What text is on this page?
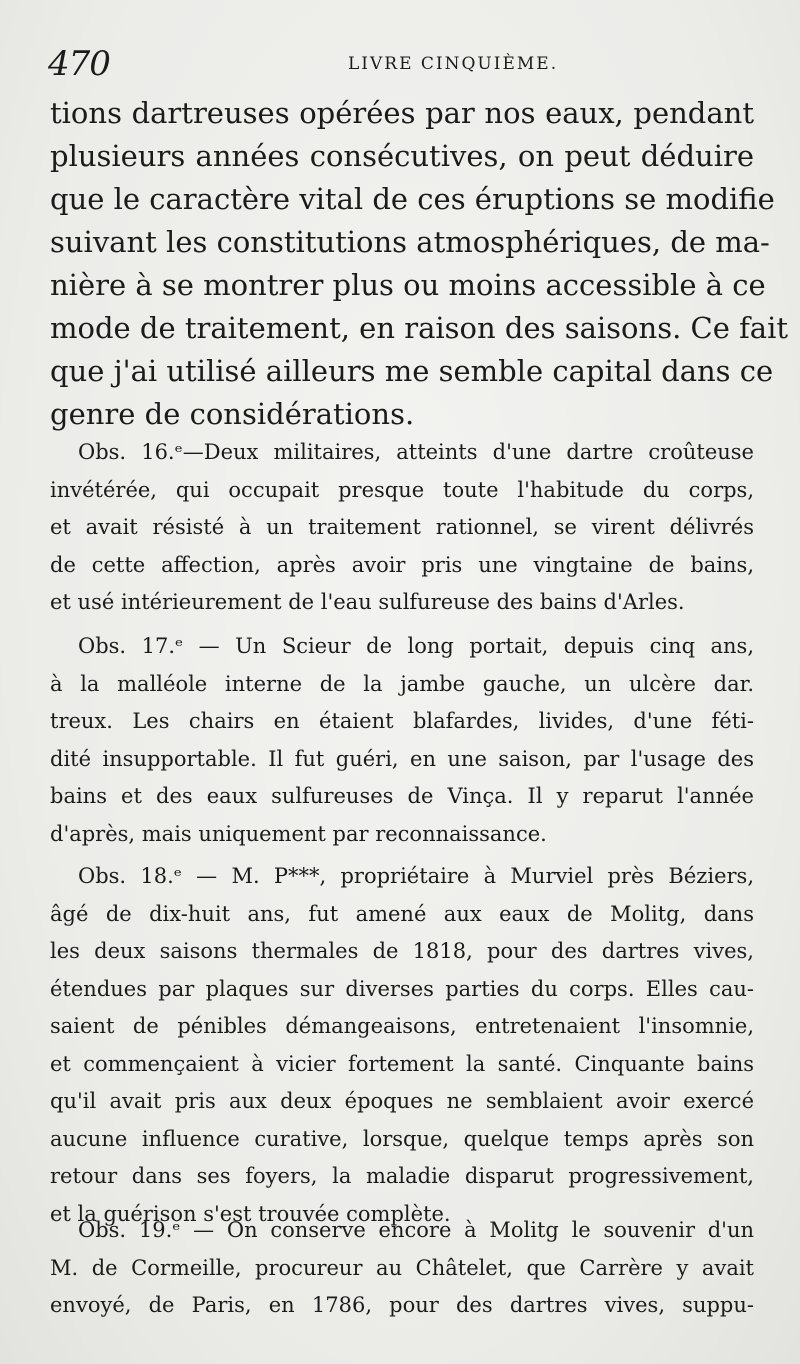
470	LIVRE CINQUIÈME.
tions dartreuses opérées par nos eaux, pendant
plusieurs années consécutives, on peut déduire
que le caractère vital de ces éruptions se modifie
suivant les constitutions atmosphériques, de ma-
nière à se montrer plus ou moins accessible à ce
mode de traitement, en raison des saisons. Ce fait
que j'ai utilisé ailleurs me semble capital dans ce
genre de considérations.
Obs. 16.ᵉ—Deux militaires, atteints d'une dartre croûteuse
invétérée, qui occupait presque toute l'habitude du corps,
et avait résisté à un traitement rationnel, se virent délivrés
de cette affection, après avoir pris une vingtaine de bains,
et usé intérieurement de l'eau sulfureuse des bains d'Arles.
Obs. 17.ᵉ — Un Scieur de long portait, depuis cinq ans,
à la malléole interne de la jambe gauche, un ulcère dar.
treux. Les chairs en étaient blafardes, livides, d'une féti-
dité insupportable. Il fut guéri, en une saison, par l'usage des
bains et des eaux sulfureuses de Vinça. Il y reparut l'année
d'après, mais uniquement par reconnaissance.
Obs. 18.ᵉ — M. P***, propriétaire à Murviel près Béziers,
âgé de dix-huit ans, fut amené aux eaux de Molitg, dans
les deux saisons thermales de 1818, pour des dartres vives,
étendues par plaques sur diverses parties du corps. Elles cau-
saient de pénibles démangeaisons, entretenaient l'insomnie,
et commençaient à vicier fortement la santé. Cinquante bains
qu'il avait pris aux deux époques ne semblaient avoir exercé
aucune influence curative, lorsque, quelque temps après son
retour dans ses foyers, la maladie disparut progressivement,
et la guérison s'est trouvée complète.
Obs. 19.ᵉ — On conserve encore à Molitg le souvenir d'un
M. de Cormeille, procureur au Châtelet, que Carrère y avait
envoyé, de Paris, en 1786, pour des dartres vives, suppu-
